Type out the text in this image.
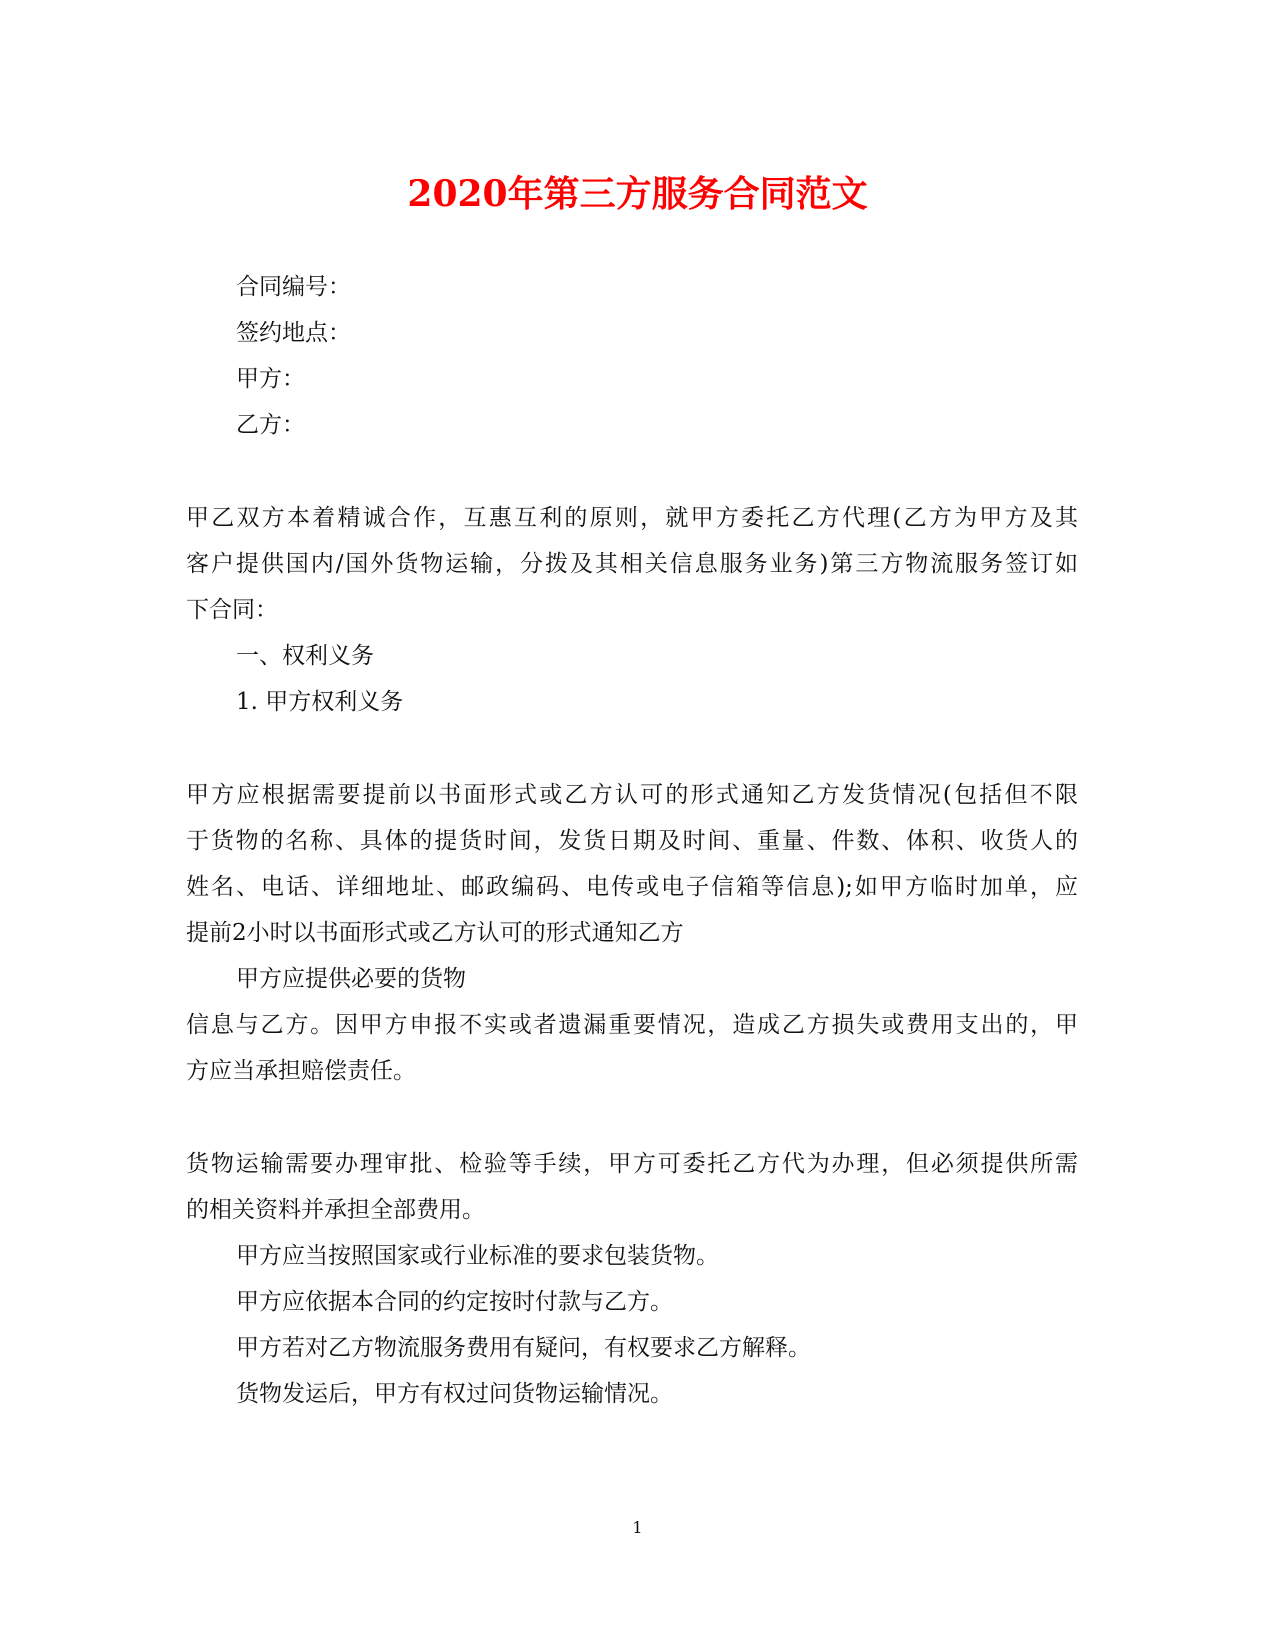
2020年第三方服务合同范文

合同编号：

签约地点：

甲方：

乙方：

甲乙双方本着精诚合作，互惠互利的原则，就甲方委托乙方代理(乙方为甲方及其

客户提供国内/国外货物运输，分拨及其相关信息服务业务)第三方物流服务签订如

下合同：

一、权利义务

1. 甲方权利义务

甲方应根据需要提前以书面形式或乙方认可的形式通知乙方发货情况(包括但不限

于货物的名称、具体的提货时间，发货日期及时间、重量、件数、体积、收货人的

姓名、电话、详细地址、邮政编码、电传或电子信箱等信息);如甲方临时加单，应

提前2小时以书面形式或乙方认可的形式通知乙方

甲方应提供必要的货物

信息与乙方。因甲方申报不实或者遗漏重要情况，造成乙方损失或费用支出的，甲

方应当承担赔偿责任。

货物运输需要办理审批、检验等手续，甲方可委托乙方代为办理，但必须提供所需

的相关资料并承担全部费用。

甲方应当按照国家或行业标准的要求包装货物。

甲方应依据本合同的约定按时付款与乙方。

甲方若对乙方物流服务费用有疑问，有权要求乙方解释。

货物发运后，甲方有权过问货物运输情况。

1
